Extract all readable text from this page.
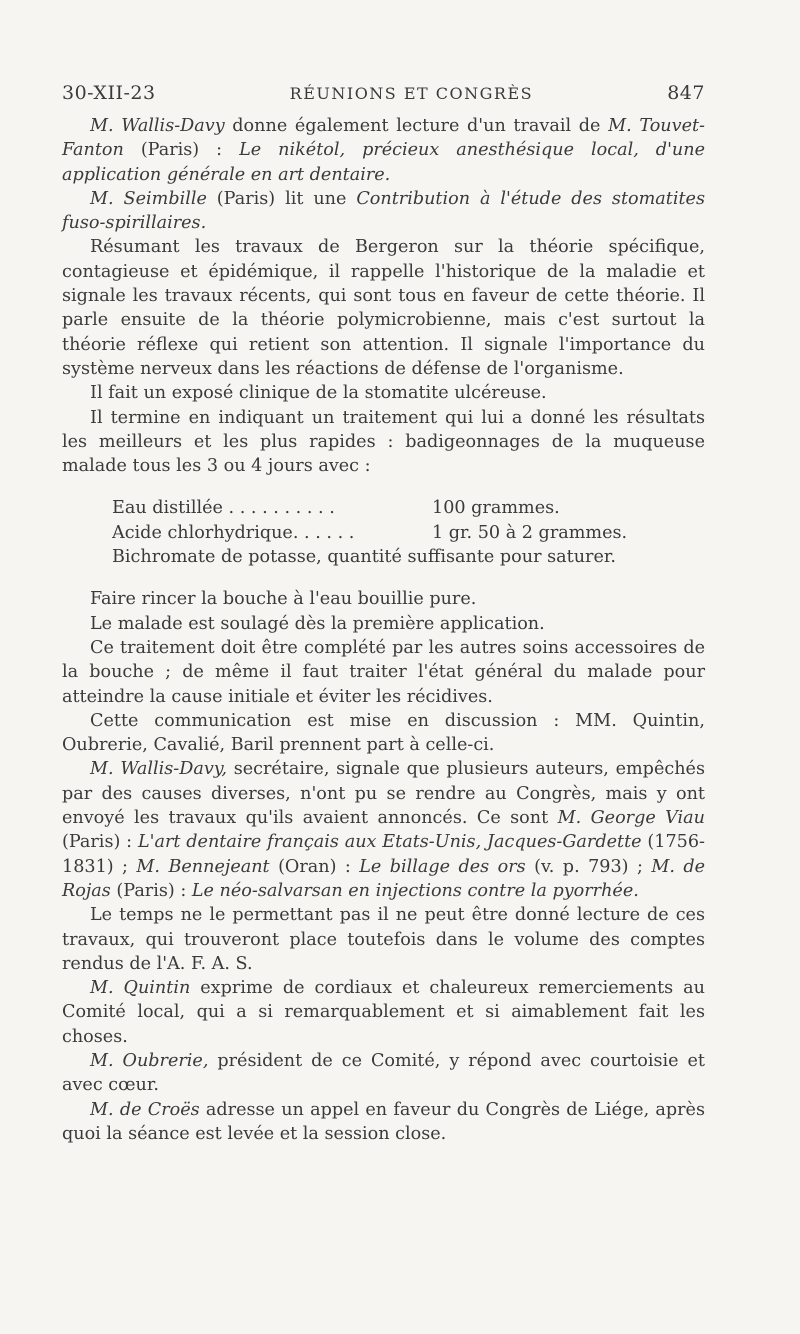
30-XII-23	RÉUNIONS ET CONGRÈS	847

M. Wallis-Davy donne également lecture d'un travail de M. Touvet-Fanton (Paris) : Le nikétol, précieux anesthésique local, d'une application générale en art dentaire.

M. Seimbille (Paris) lit une Contribution à l'étude des stomatites fuso-spirillaires.

Résumant les travaux de Bergeron sur la théorie spécifique, contagieuse et épidémique, il rappelle l'historique de la maladie et signale les travaux récents, qui sont tous en faveur de cette théorie. Il parle ensuite de la théorie polymicrobienne, mais c'est surtout la théorie réflexe qui retient son attention. Il signale l'importance du système nerveux dans les réactions de défense de l'organisme.

Il fait un exposé clinique de la stomatite ulcéreuse.

Il termine en indiquant un traitement qui lui a donné les résultats les meilleurs et les plus rapides : badigeonnages de la muqueuse malade tous les 3 ou 4 jours avec :

Eau distillée . . . . . . . . . .	100 grammes.
Acide chlorhydrique. . . . . .	1 gr. 50 à 2 grammes.
Bichromate de potasse, quantité suffisante pour saturer.

Faire rincer la bouche à l'eau bouillie pure.

Le malade est soulagé dès la première application.

Ce traitement doit être complété par les autres soins accessoires de la bouche ; de même il faut traiter l'état général du malade pour atteindre la cause initiale et éviter les récidives.

Cette communication est mise en discussion : MM. Quintin, Oubrerie, Cavalié, Baril prennent part à celle-ci.

M. Wallis-Davy, secrétaire, signale que plusieurs auteurs, empêchés par des causes diverses, n'ont pu se rendre au Congrès, mais y ont envoyé les travaux qu'ils avaient annoncés. Ce sont M. George Viau (Paris) : L'art dentaire français aux Etats-Unis, Jacques-Gardette (1756-1831) ; M. Bennejeant (Oran) : Le billage des ors (v. p. 793) ; M. de Rojas (Paris) : Le néo-salvarsan en injections contre la pyorrhée.

Le temps ne le permettant pas il ne peut être donné lecture de ces travaux, qui trouveront place toutefois dans le volume des comptes rendus de l'A. F. A. S.

M. Quintin exprime de cordiaux et chaleureux remerciements au Comité local, qui a si remarquablement et si aimablement fait les choses.

M. Oubrerie, président de ce Comité, y répond avec courtoisie et avec cœur.

M. de Croës adresse un appel en faveur du Congrès de Liége, après quoi la séance est levée et la session close.
